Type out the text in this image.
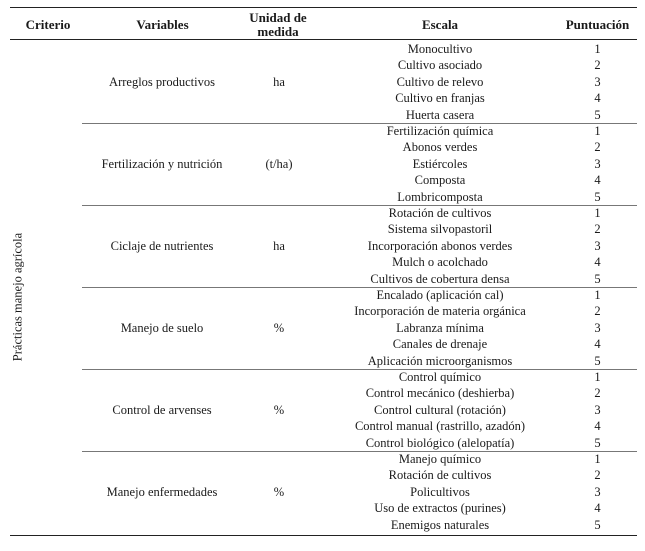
Criterio	Variables	Unidad de medida	Escala	Puntuación
Prácticas manejo agrícola
Arreglos productivos	ha
Monocultivo	1
Cultivo asociado	2
Cultivo de relevo	3
Cultivo en franjas	4
Huerta casera	5
Fertilización y nutrición	(t/ha)
Fertilización química	1
Abonos verdes	2
Estiércoles	3
Composta	4
Lombricomposta	5
Ciclaje de nutrientes	ha
Rotación de cultivos	1
Sistema silvopastoril	2
Incorporación abonos verdes	3
Mulch o acolchado	4
Cultivos de cobertura densa	5
Manejo de suelo	%
Encalado (aplicación cal)	1
Incorporación de materia orgánica	2
Labranza mínima	3
Canales de drenaje	4
Aplicación microorganismos	5
Control de arvenses	%
Control químico	1
Control mecánico (deshierba)	2
Control cultural (rotación)	3
Control manual (rastrillo, azadón)	4
Control biológico (alelopatía)	5
Manejo enfermedades	%
Manejo químico	1
Rotación de cultivos	2
Policultivos	3
Uso de extractos (purines)	4
Enemigos naturales	5
